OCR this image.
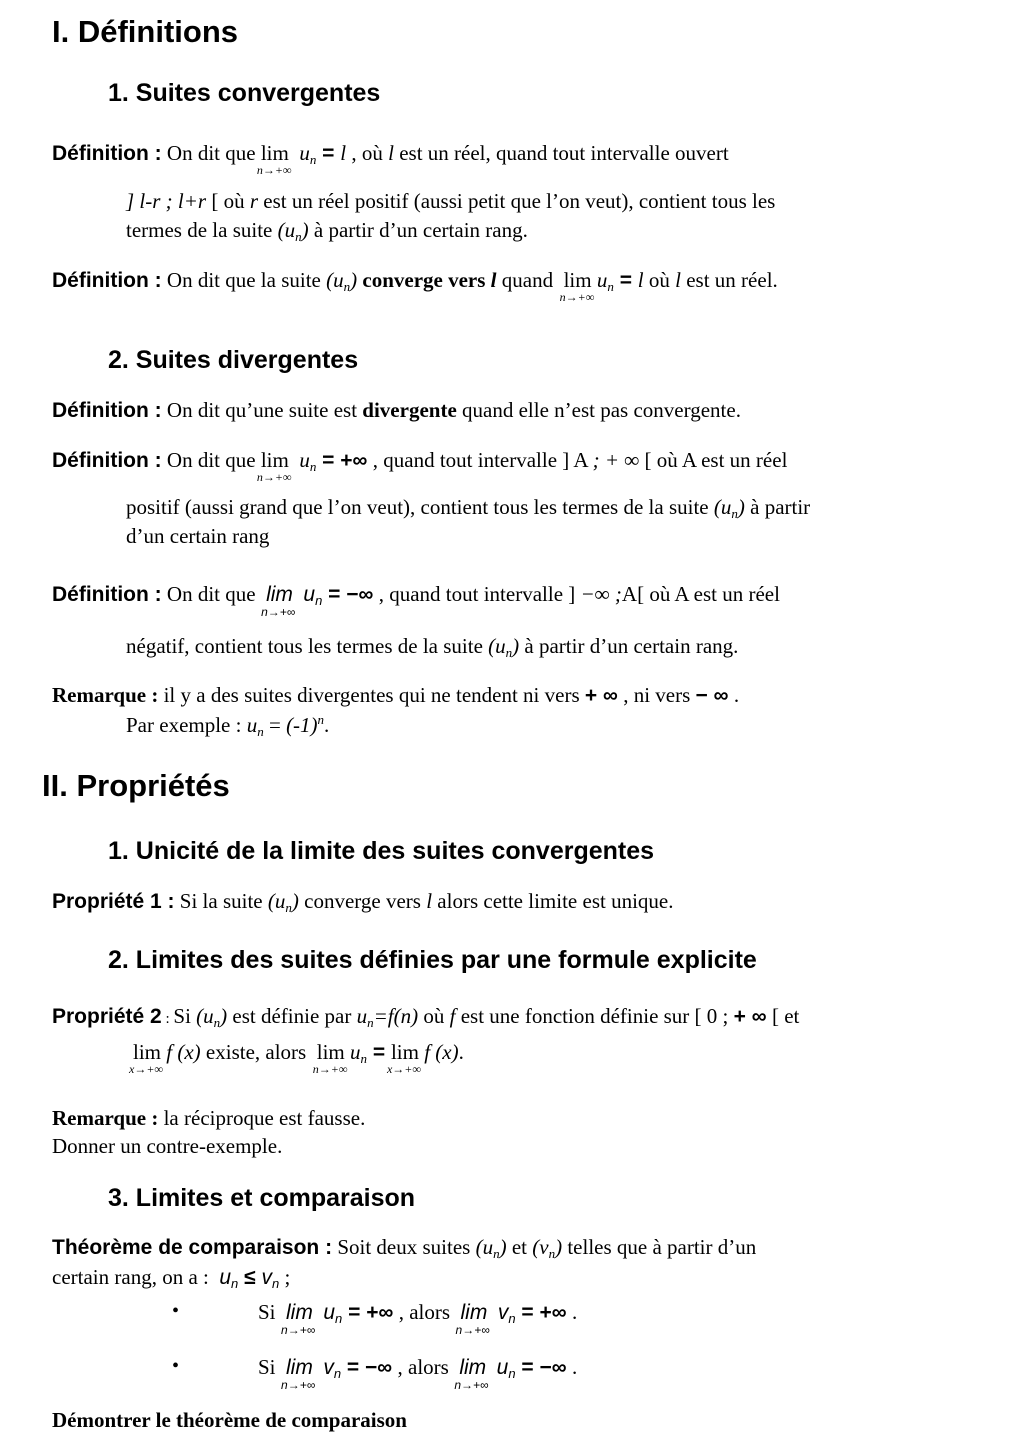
I. Définitions
1. Suites convergentes
Définition : On dit que lim
n→+∞
$u_n = l$ , où l est un réel, quand tout intervalle ouvert
] l-r ; l+r [ où r est un réel positif (aussi petit que l’on veut), contient tous les
termes de la suite $(u_n)$ à partir d’un certain rang.
Définition : On dit que la suite $(u_n)$ converge vers l quand  lim
n→+∞
$u_n = l$ où l est un réel.
2. Suites divergentes
Définition : On dit qu’une suite est divergente quand elle n’est pas convergente.
Définition : On dit que lim
n→+∞
$u_n$ = +∞ , quand tout intervalle ] A ; + ∞ [ où A est un réel
positif (aussi grand que l’on veut), contient tous les termes de la suite $(u_n)$ à partir
d’un certain rang
Définition : On dit que  lim
n→+∞
$u_n$ = −∞ , quand tout intervalle ] −∞ ;A[ où A est un réel
négatif, contient tous les termes de la suite $(u_n)$ à partir d’un certain rang.
Remarque : il y a des suites divergentes qui ne tendent ni vers + ∞ , ni vers − ∞ .
Par exemple : $u_n = (-1)^n$.
II. Propriétés
1. Unicité de la limite des suites convergentes
Propriété 1 : Si la suite $(u_n)$ converge vers l alors cette limite est unique.
2. Limites des suites définies par une formule explicite
Propriété 2 : Si $(u_n)$ est définie par $u_n=f(n)$ où f est une fonction définie sur [ 0 ; + ∞ [ et
lim
x→+∞
f (x) existe, alors  lim
n→+∞
$u_n = \lim$
x→+∞
f (x).
Remarque : la réciproque est fausse.
Donner un contre-exemple.
3. Limites et comparaison
Théorème de comparaison : Soit deux suites $(u_n)$ et $(v_n)$ telles que à partir d’un
certain rang, on a :  $u_n \le v_n$ ;
•	Si  lim
n→+∞
$u_n$ = +∞ , alors  lim
n→+∞
$v_n$ = +∞ .
•	Si  lim
n→+∞
$v_n$ = −∞ , alors  lim
n→+∞
$u_n$ = −∞ .
Démontrer le théorème de comparaison
